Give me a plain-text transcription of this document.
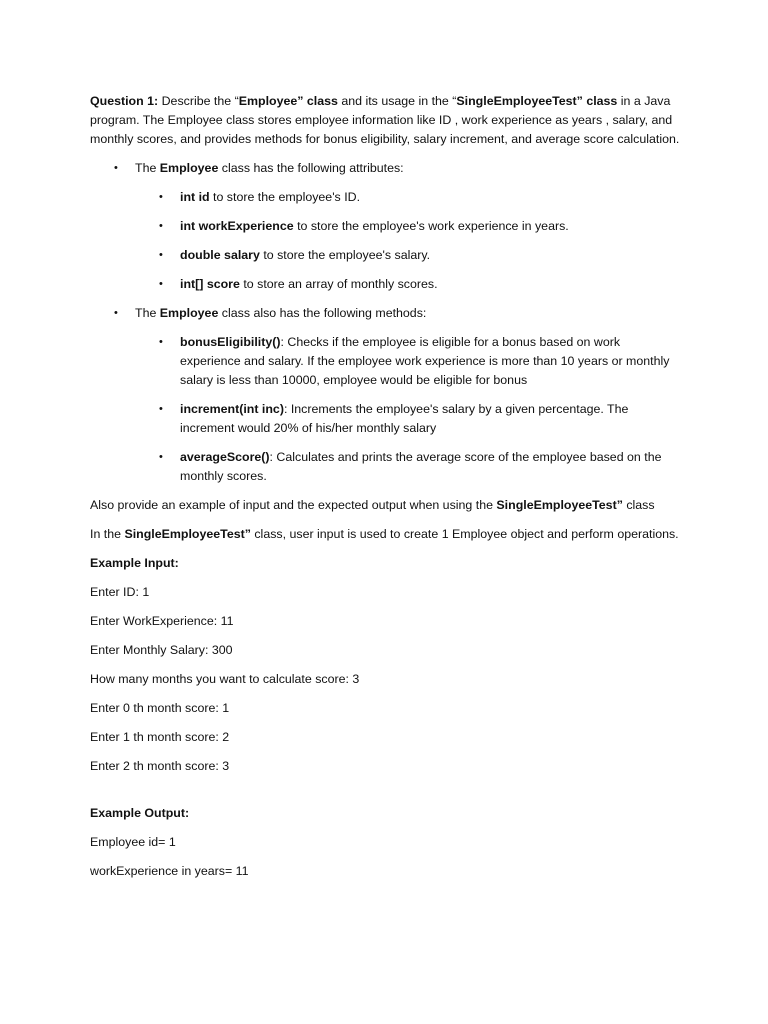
Question 1: Describe the “Employee” class and its usage in the “SingleEmployeeTest” class in a Java program. The Employee class stores employee information like ID , work experience as years , salary, and monthly scores, and provides methods for bonus eligibility, salary increment, and average score calculation.

• The Employee class has the following attributes:
• int id to store the employee's ID.
• int workExperience to store the employee's work experience in years.
• double salary to store the employee's salary.
• int[] score to store an array of monthly scores.
• The Employee class also has the following methods:
• bonusEligibility(): Checks if the employee is eligible for a bonus based on work experience and salary. If the employee work experience is more than 10 years or monthly salary is less than 10000, employee would be eligible for bonus
• increment(int inc): Increments the employee's salary by a given percentage. The increment would 20% of his/her monthly salary
• averageScore(): Calculates and prints the average score of the employee based on the monthly scores.

Also provide an example of input and the expected output when using the SingleEmployeeTest” class

In the SingleEmployeeTest” class, user input is used to create 1 Employee object and perform operations.

Example Input:

Enter ID: 1

Enter WorkExperience: 11

Enter Monthly Salary: 300

How many months you want to calculate score: 3

Enter 0 th month score: 1

Enter 1 th month score: 2

Enter 2 th month score: 3

Example Output:

Employee id= 1

workExperience in years= 11
